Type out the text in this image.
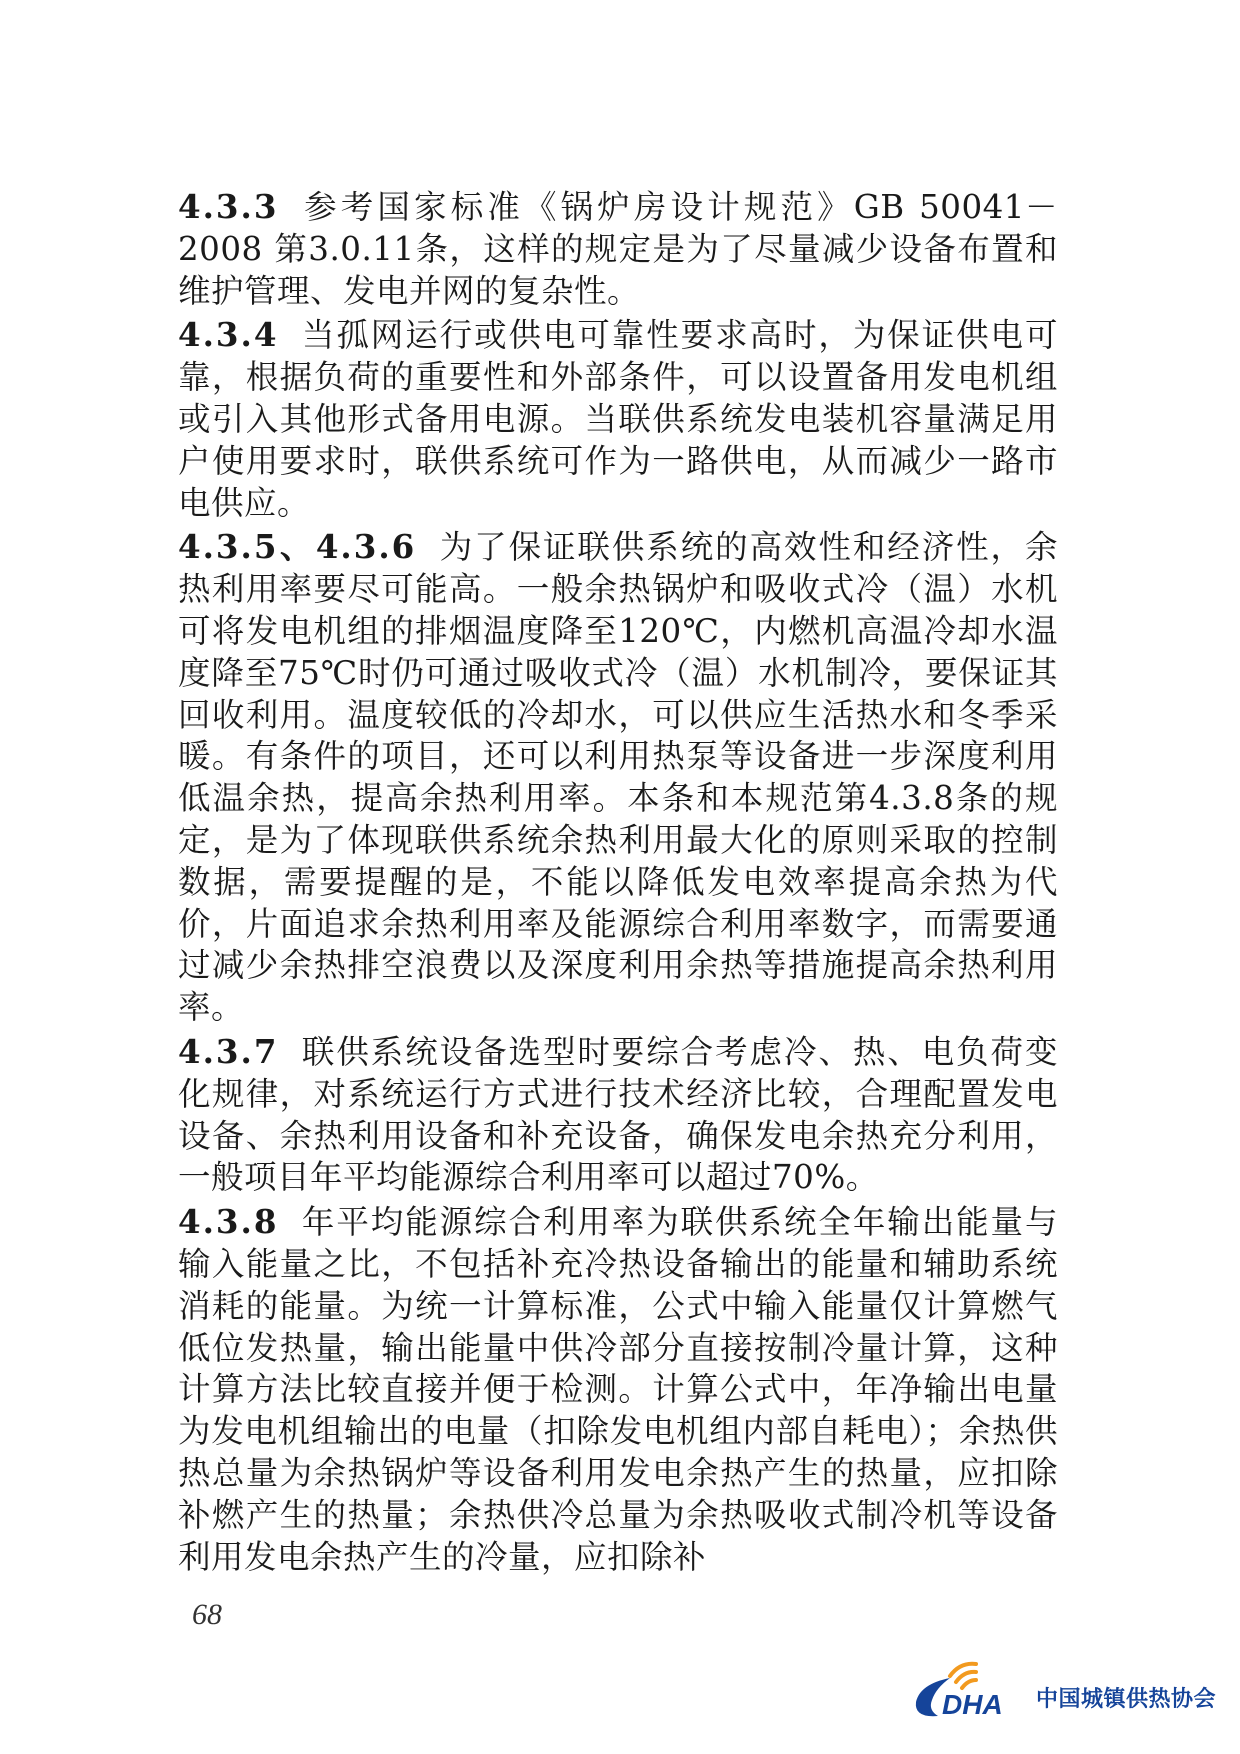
4.3.3 参考国家标准《锅炉房设计规范》GB 50041－2008 第3.0.11条，这样的规定是为了尽量减少设备布置和维护管理、发电并网的复杂性。

4.3.4 当孤网运行或供电可靠性要求高时，为保证供电可靠，根据负荷的重要性和外部条件，可以设置备用发电机组或引入其他形式备用电源。当联供系统发电装机容量满足用户使用要求时，联供系统可作为一路供电，从而减少一路市电供应。

4.3.5、4.3.6 为了保证联供系统的高效性和经济性，余热利用率要尽可能高。一般余热锅炉和吸收式冷（温）水机可将发电机组的排烟温度降至120℃，内燃机高温冷却水温度降至75℃时仍可通过吸收式冷（温）水机制冷，要保证其回收利用。温度较低的冷却水，可以供应生活热水和冬季采暖。有条件的项目，还可以利用热泵等设备进一步深度利用低温余热，提高余热利用率。本条和本规范第4.3.8条的规定，是为了体现联供系统余热利用最大化的原则采取的控制数据，需要提醒的是，不能以降低发电效率提高余热为代价，片面追求余热利用率及能源综合利用率数字，而需要通过减少余热排空浪费以及深度利用余热等措施提高余热利用率。

4.3.7 联供系统设备选型时要综合考虑冷、热、电负荷变化规律，对系统运行方式进行技术经济比较，合理配置发电设备、余热利用设备和补充设备，确保发电余热充分利用，一般项目年平均能源综合利用率可以超过70%。

4.3.8 年平均能源综合利用率为联供系统全年输出能量与输入能量之比，不包括补充冷热设备输出的能量和辅助系统消耗的能量。为统一计算标准，公式中输入能量仅计算燃气低位发热量，输出能量中供冷部分直接按制冷量计算，这种计算方法比较直接并便于检测。计算公式中，年净输出电量为发电机组输出的电量（扣除发电机组内部自耗电）；余热供热总量为余热锅炉等设备利用发电余热产生的热量，应扣除补燃产生的热量；余热供冷总量为余热吸收式制冷机等设备利用发电余热产生的冷量，应扣除补

68
DHA 中国城镇供热协会
